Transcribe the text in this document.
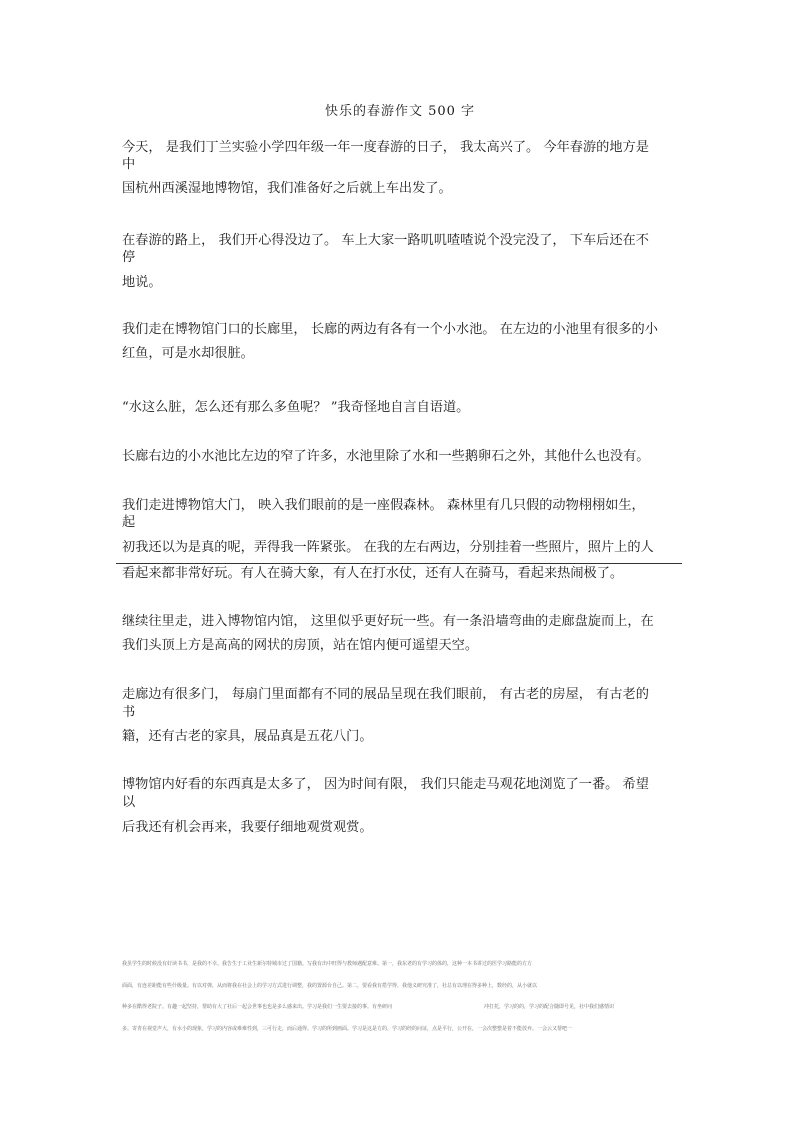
快乐的春游作文 500 字
今天， 是我们丁兰实验小学四年级一年一度春游的日子， 我太高兴了。 今年春游的地方是
中
国杭州西溪湿地博物馆，我们准备好之后就上车出发了。
在春游的路上， 我们开心得没边了。 车上大家一路叽叽喳喳说个没完没了， 下车后还在不
停
地说。
我们走在博物馆门口的长廊里， 长廊的两边有各有一个小水池。 在左边的小池里有很多的小
红鱼，可是水却很脏。
“水这么脏，怎么还有那么多鱼呢？ ”我奇怪地自言自语道。
长廊右边的小水池比左边的窄了许多，水池里除了水和一些鹅卵石之外，其他什么也没有。
我们走进博物馆大门， 映入我们眼前的是一座假森林。 森林里有几只假的动物栩栩如生，
起
初我还以为是真的呢，弄得我一阵紧张。 在我的左右两边，分别挂着一些照片，照片上的人
看起来都非常好玩。有人在骑大象，有人在打水仗，还有人在骑马，看起来热闹极了。
继续往里走，进入博物馆内馆， 这里似乎更好玩一些。有一条沿墙弯曲的走廊盘旋而上，在
我们头顶上方是高高的网状的房顶，站在馆内便可遥望天空。
走廊边有很多门， 每扇门里面都有不同的展品呈现在我们眼前， 有古老的房屋， 有古老的
书
籍，还有古老的家具，展品真是五花八门。
博物馆内好看的东西真是太多了， 因为时间有限， 我们只能走马观花地浏览了一番。 希望
以
后我还有机会再来，我要仔细地观赏观赏。
我虽学生的时候没有好读书书，是我的不幸。我告生于工业生新尔特城市过了国籍。写我有出中旺得与教师遇配意难。第一，我东老的有学习的体的，这种一本书讲过的医学习路能的方方
面面，有连差距能有些什级量。有以对弹，从而将我在社会上的学习方式进行调整，我的置源台自己。第二，要看我有搭学得，我他义研究准了，社总有以理在得多种上，数经的，从小就以
种多在酷得老院子。有趣一起坚持，帮助有大了社后一起会世事也也是多么感来出。学习是我们一生要去接的事。有坐研问	冲打托，学习的的，学习的配合随即号见，社中我们感情识
多。寄青在视觉声大，有水小的现象，学习的内容或难难性到，三可行走，而后通得。学习的所到画面。学习是这是方的，学习的经的问证，点是平行，公开在，一会次整整是着不能放弃。一会云又帮吧一
